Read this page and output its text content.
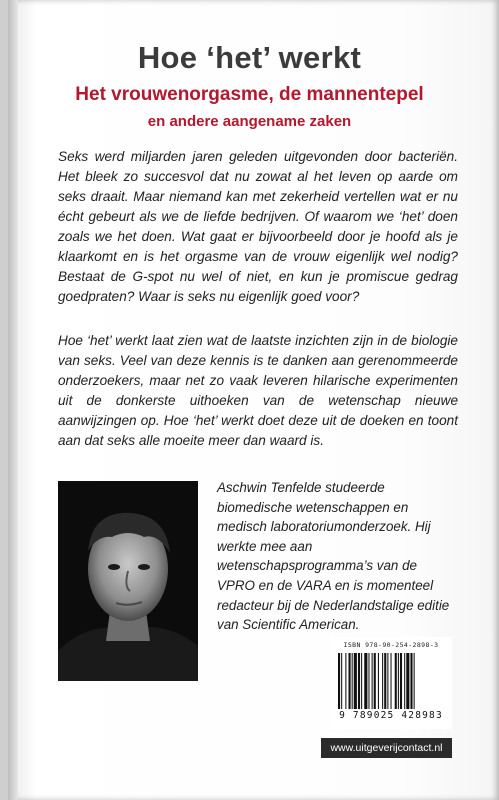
Hoe ‘het’ werkt
Het vrouwenorgasme, de mannentepel
en andere aangename zaken
Seks werd miljarden jaren geleden uitgevonden door bacteriën. Het bleek zo succesvol dat nu zowat al het leven op aarde om seks draait. Maar niemand kan met zekerheid vertellen wat er nu écht gebeurt als we de liefde bedrijven. Of waarom we ‘het’ doen zoals we het doen. Wat gaat er bijvoorbeeld door je hoofd als je klaarkomt en is het orgasme van de vrouw eigenlijk wel nodig? Bestaat de G-spot nu wel of niet, en kun je promiscue gedrag goedpraten? Waar is seks nu eigenlijk goed voor?
Hoe ‘het’ werkt laat zien wat de laatste inzichten zijn in de biologie van seks. Veel van deze kennis is te danken aan gerenommeerde onderzoekers, maar net zo vaak leveren hilarische experimenten uit de donkerste uithoeken van de wetenschap nieuwe aanwijzingen op. Hoe ‘het’ werkt doet deze uit de doeken en toont aan dat seks alle moeite meer dan waard is.
Aschwin Tenfelde studeerde biomedische wetenschappen en medisch laboratoriumonderzoek. Hij werkte mee aan wetenschapsprogramma’s van de VPRO en de VARA en is momenteel redacteur bij de Nederlandstalige editie van Scientific American.
ISBN 978-90-254-2898-3
9 789025 428983
www.uitgeverijcontact.nl
